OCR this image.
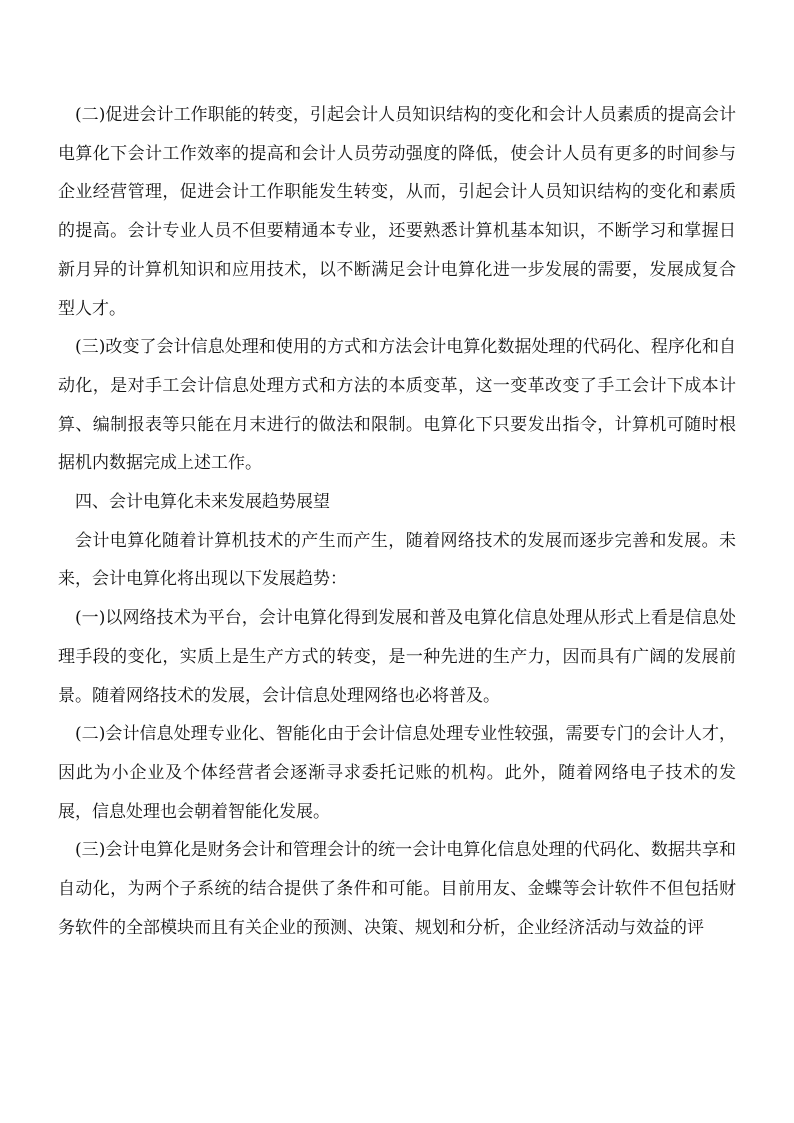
(二)促进会计工作职能的转变，引起会计人员知识结构的变化和会计人员素质的提高会计电算化下会计工作效率的提高和会计人员劳动强度的降低，使会计人员有更多的时间参与企业经营管理，促进会计工作职能发生转变，从而，引起会计人员知识结构的变化和素质的提高。会计专业人员不但要精通本专业，还要熟悉计算机基本知识，不断学习和掌握日新月异的计算机知识和应用技术，以不断满足会计电算化进一步发展的需要，发展成复合型人才。

(三)改变了会计信息处理和使用的方式和方法会计电算化数据处理的代码化、程序化和自动化，是对手工会计信息处理方式和方法的本质变革，这一变革改变了手工会计下成本计算、编制报表等只能在月末进行的做法和限制。电算化下只要发出指令，计算机可随时根据机内数据完成上述工作。

四、会计电算化未来发展趋势展望

会计电算化随着计算机技术的产生而产生，随着网络技术的发展而逐步完善和发展。未来，会计电算化将出现以下发展趋势：

(一)以网络技术为平台，会计电算化得到发展和普及电算化信息处理从形式上看是信息处理手段的变化，实质上是生产方式的转变，是一种先进的生产力，因而具有广阔的发展前景。随着网络技术的发展，会计信息处理网络也必将普及。

(二)会计信息处理专业化、智能化由于会计信息处理专业性较强，需要专门的会计人才，因此为小企业及个体经营者会逐渐寻求委托记账的机构。此外，随着网络电子技术的发展，信息处理也会朝着智能化发展。

(三)会计电算化是财务会计和管理会计的统一会计电算化信息处理的代码化、数据共享和自动化，为两个子系统的结合提供了条件和可能。目前用友、金蝶等会计软件不但包括财务软件的全部模块而且有关企业的预测、决策、规划和分析，企业经济活动与效益的评
